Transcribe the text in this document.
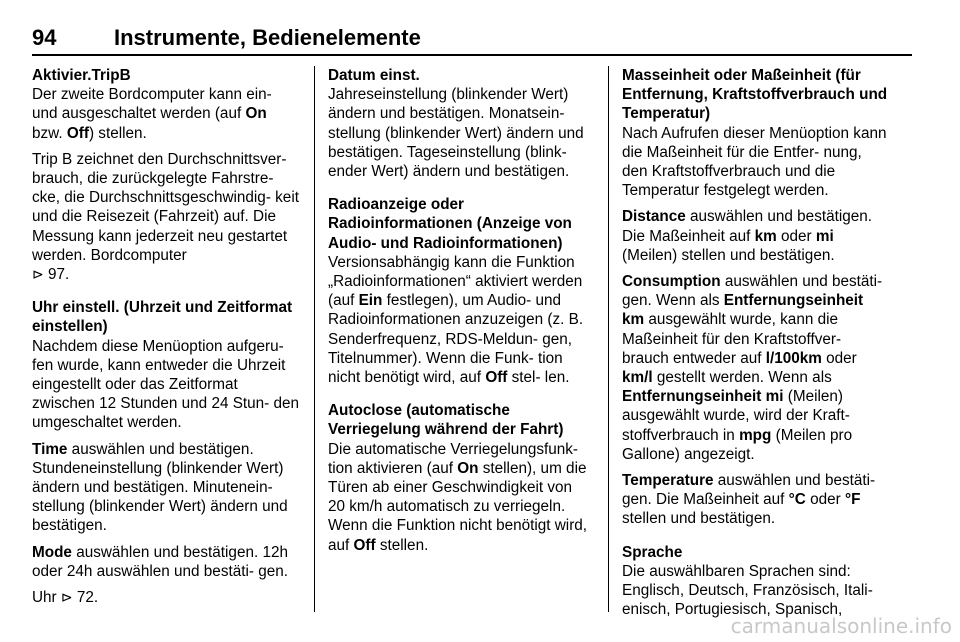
94	Instrumente, Bedienelemente

Aktivier.TripB

Der zweite Bordcomputer kann ein- und ausgeschaltet werden (auf On bzw. Off) stellen.

Trip B zeichnet den Durchschnittsver- brauch, die zurückgelegte Fahrstre- cke, die Durchschnittsgeschwindig- keit und die Reisezeit (Fahrzeit) auf. Die Messung kann jederzeit neu gestartet werden. Bordcomputer
⊳ 97.

Uhr einstell. (Uhrzeit und Zeitformat einstellen)

Nachdem diese Menüoption aufgeru- fen wurde, kann entweder die Uhrzeit eingestellt oder das Zeitformat zwischen 12 Stunden und 24 Stun- den umgeschaltet werden.

Time auswählen und bestätigen. Stundeneinstellung (blinkender Wert) ändern und bestätigen. Minutenein- stellung (blinkender Wert) ändern und bestätigen.

Mode auswählen und bestätigen. 12h oder 24h auswählen und bestäti- gen.

Uhr ⊳ 72.

Datum einst.

Jahreseinstellung (blinkender Wert) ändern und bestätigen. Monatsein- stellung (blinkender Wert) ändern und bestätigen. Tageseinstellung (blink- ender Wert) ändern und bestätigen.

Radioanzeige oder Radioinformationen (Anzeige von Audio- und Radioinformationen)

Versionsabhängig kann die Funktion „Radioinformationen“ aktiviert werden (auf Ein festlegen), um Audio- und Radioinformationen anzuzeigen (z. B. Senderfrequenz, RDS-Meldun- gen, Titelnummer). Wenn die Funk- tion nicht benötigt wird, auf Off stel- len.

Autoclose (automatische Verriegelung während der Fahrt)

Die automatische Verriegelungsfunk- tion aktivieren (auf On stellen), um die Türen ab einer Geschwindigkeit von 20 km/h automatisch zu verriegeln. Wenn die Funktion nicht benötigt wird, auf Off stellen.

Masseinheit oder Maßeinheit (für Entfernung, Kraftstoffverbrauch und Temperatur)

Nach Aufrufen dieser Menüoption kann die Maßeinheit für die Entfer- nung, den Kraftstoffverbrauch und die Temperatur festgelegt werden.

Distance auswählen und bestätigen. Die Maßeinheit auf km oder mi (Meilen) stellen und bestätigen.

Consumption auswählen und bestäti- gen. Wenn als Entfernungseinheit km ausgewählt wurde, kann die Maßeinheit für den Kraftstoffver- brauch entweder auf l/100km oder km/l gestellt werden. Wenn als Entfernungseinheit mi (Meilen) ausgewählt wurde, wird der Kraft- stoffverbrauch in mpg (Meilen pro Gallone) angezeigt.

Temperature auswählen und bestäti- gen. Die Maßeinheit auf °C oder °F stellen und bestätigen.

Sprache

Die auswählbaren Sprachen sind: Englisch, Deutsch, Französisch, Itali- enisch, Portugiesisch, Spanisch,

carmanualsonline.info
